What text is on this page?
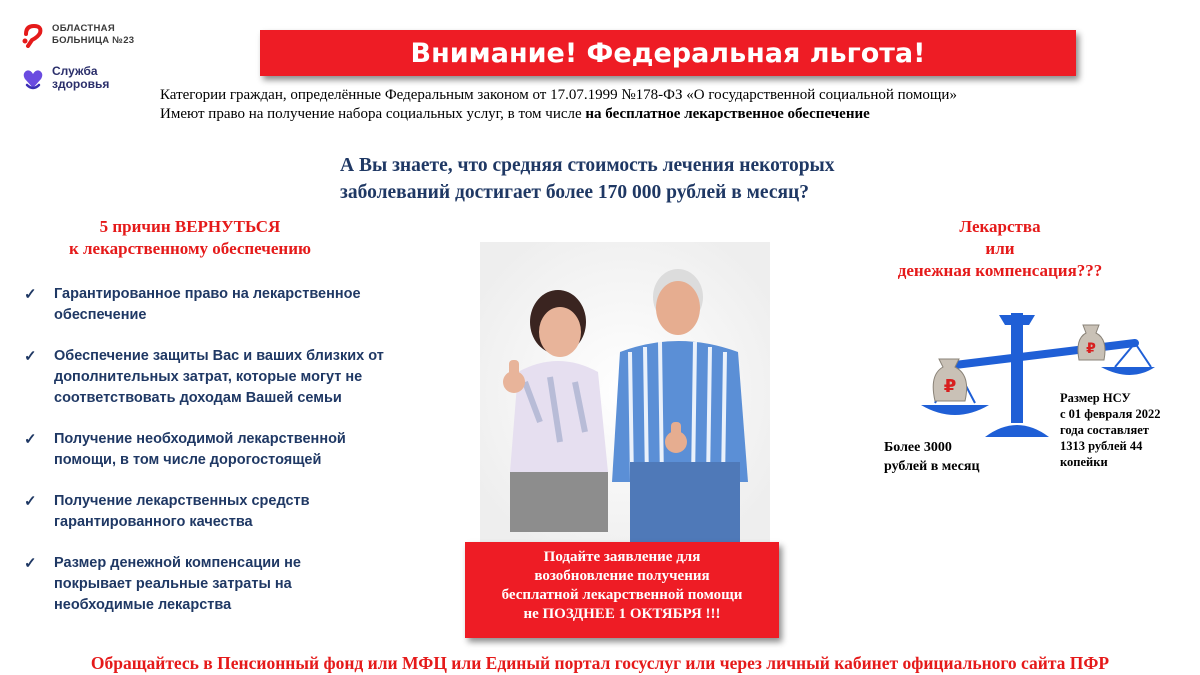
ОБЛАСТНАЯ
БОЛЬНИЦА №23
Служба
здоровья
Внимание! Федеральная льгота!
Категории граждан, определённые Федеральным законом от 17.07.1999 №178-ФЗ «О государственной социальной помощи»
Имеют право на получение набора социальных услуг, в том числе на бесплатное лекарственное обеспечение
А Вы знаете, что средняя стоимость лечения некоторых
заболеваний достигает более 170 000 рублей в месяц?
5 причин ВЕРНУТЬСЯ
к лекарственному обеспечению
✓ Гарантированное право на лекарственное
обеспечение
✓ Обеспечение защиты Вас и ваших близких от
дополнительных затрат, которые могут не
соответствовать доходам Вашей семьи
✓ Получение необходимой лекарственной
помощи, в том числе дорогостоящей
✓ Получение лекарственных средств
гарантированного качества
✓ Размер денежной компенсации не
покрывает реальные затраты на
необходимые лекарства
Подайте заявление для
возобновление получения
бесплатной лекарственной помощи
не ПОЗДНЕЕ 1 ОКТЯБРЯ !!!
Лекарства
или
денежная компенсация???
₽
₽
Более 3000
рублей в месяц
Размер НСУ
с 01 февраля 2022
года составляет
1313 рублей 44
копейки
Обращайтесь в Пенсионный фонд или МФЦ или Единый портал госуслуг или через личный кабинет официального сайта ПФР
